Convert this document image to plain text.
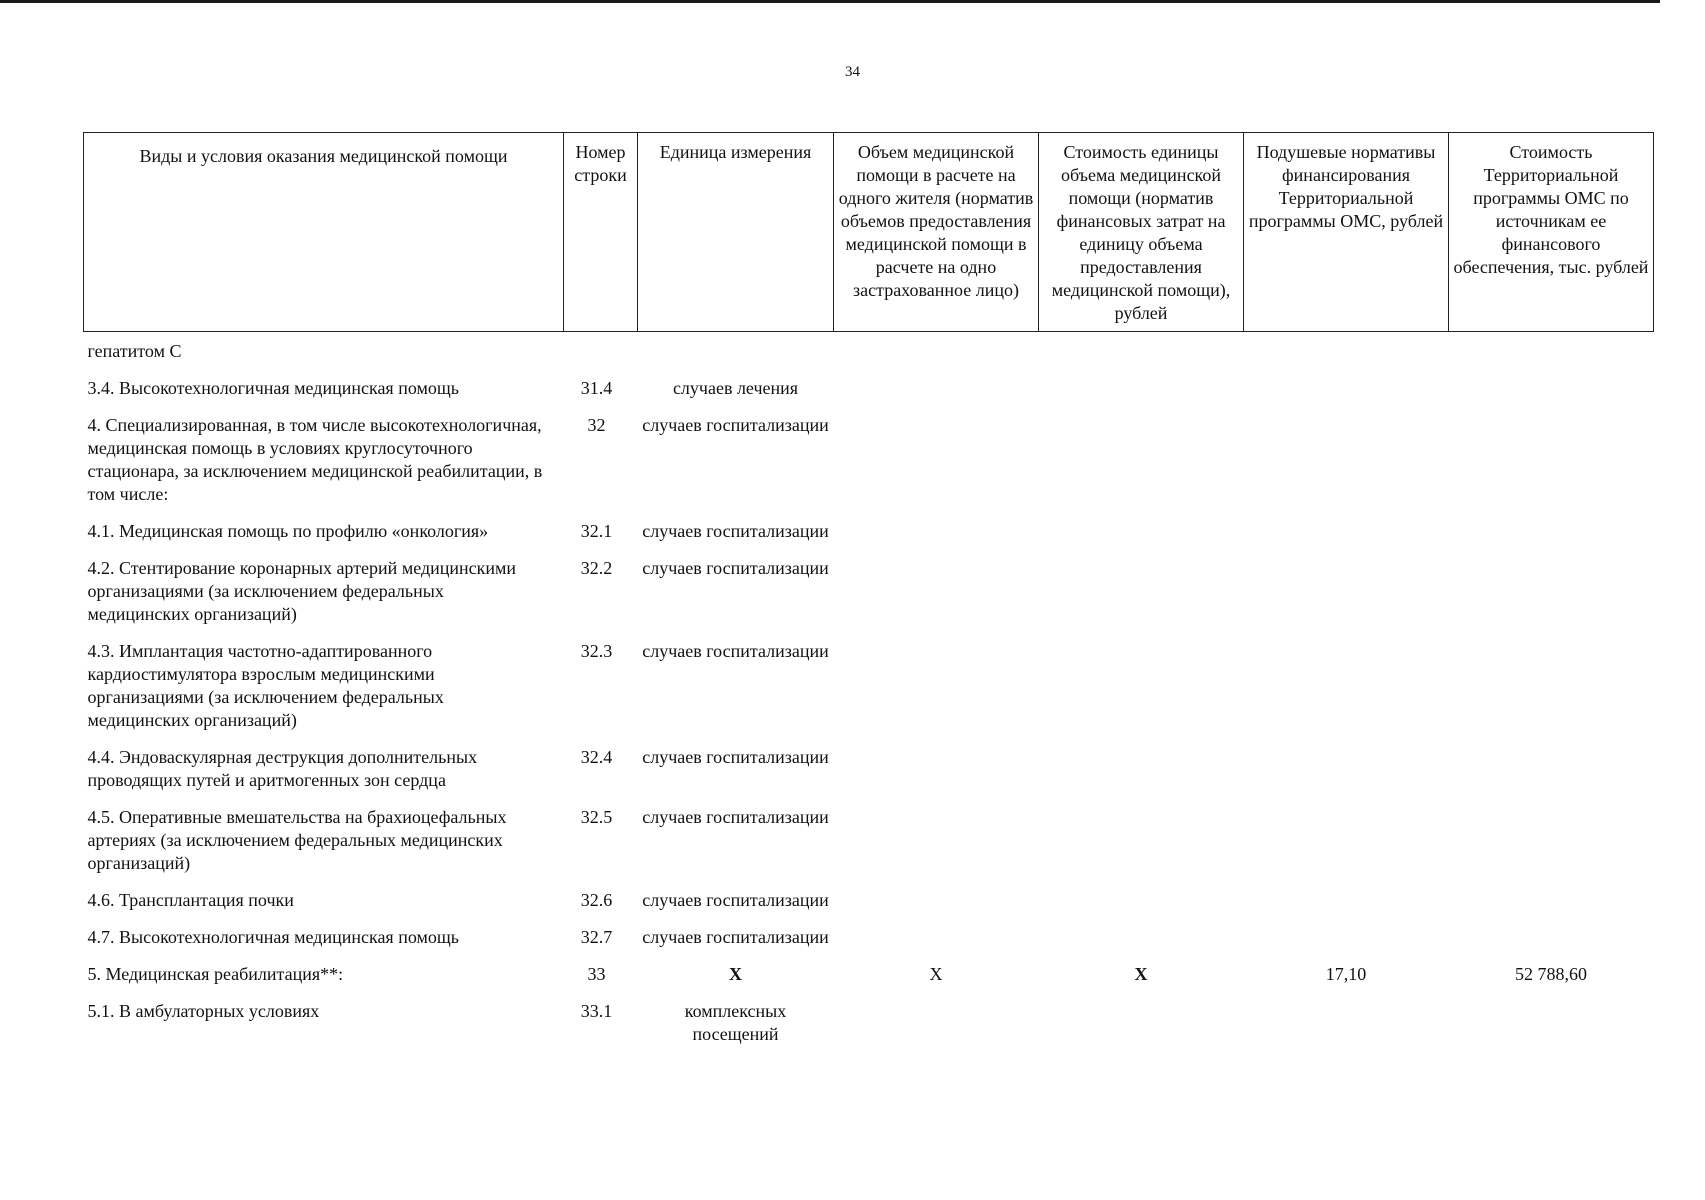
34
Виды и условия оказания медицинской помощи	Номер строки	Единица измерения	Объем медицинской помощи в расчете на одного жителя (норматив объемов предоставления медицинской помощи в расчете на одно застрахованное лицо)	Стоимость единицы объема медицинской помощи (норматив финансовых затрат на единицу объема предоставления медицинской помощи), рублей	Подушевые нормативы финансирования Территориальной программы ОМС, рублей	Стоимость Территориальной программы ОМС по источникам ее финансового обеспечения, тыс. рублей
гепатитом С						
3.4. Высокотехнологичная медицинская помощь	31.4	случаев лечения				
4. Специализированная, в том числе высокотехнологичная, медицинская помощь в условиях круглосуточного стационара, за исключением медицинской реабилитации, в том числе:	32	случаев госпитализации				
4.1. Медицинская помощь по профилю «онкология»	32.1	случаев госпитализации				
4.2. Стентирование коронарных артерий медицинскими организациями (за исключением федеральных медицинских организаций)	32.2	случаев госпитализации				
4.3. Имплантация частотно-адаптированного кардиостимулятора взрослым медицинскими организациями (за исключением федеральных медицинских организаций)	32.3	случаев госпитализации				
4.4. Эндоваскулярная деструкция дополнительных проводящих путей и аритмогенных зон сердца	32.4	случаев госпитализации				
4.5. Оперативные вмешательства на брахиоцефальных артериях (за исключением федеральных медицинских организаций)	32.5	случаев госпитализации				
4.6. Трансплантация почки	32.6	случаев госпитализации				
4.7. Высокотехнологичная медицинская помощь	32.7	случаев госпитализации				
5. Медицинская реабилитация**:	33	Х	Х	Х	17,10	52 788,60
5.1. В амбулаторных условиях	33.1	комплексных посещений				
